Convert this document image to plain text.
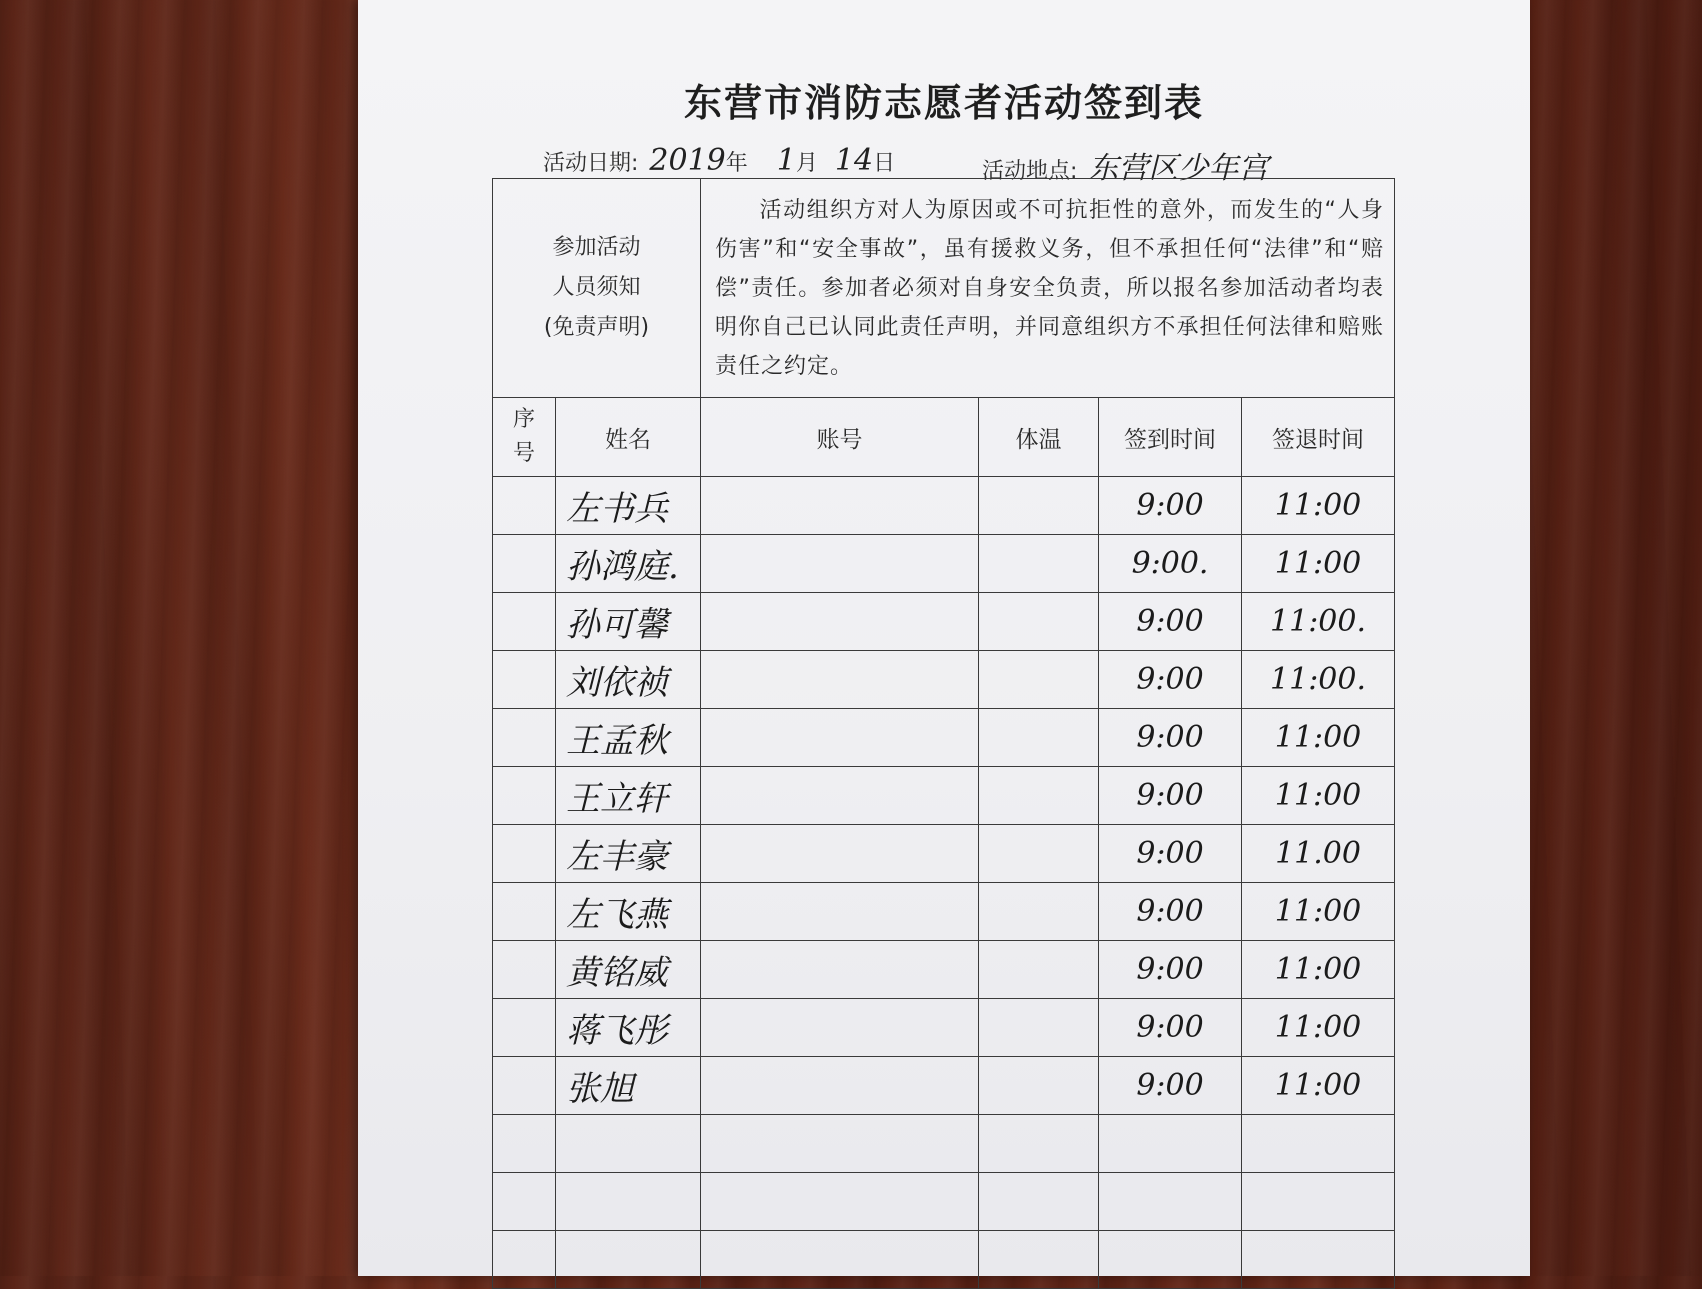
东营市消防志愿者活动签到表
活动日期: 2019年 1月 14日	活动地点: 东营区少年宫
参加活动
人员须知
(免责声明)		活动组织方对人为原因或不可抗拒性的意外，而发生的“人身伤害”和“安全事故”，虽有援救义务，但不承担任何“法律”和“赔偿”责任。参加者必须对自身安全负责，所以报名参加活动者均表明你自己已认同此责任声明，并同意组织方不承担任何法律和赔账责任之约定。			

序
号	姓名	账号	体温	签到时间	签退时间
	左书兵			9:00	11:00
	孙鸿庭.			9:00.	11:00
	孙可馨			9:00	11:00.
	刘依祯			9:00	11:00.
	王孟秋			9:00	11:00
	王立轩			9:00	11:00
	左丰豪			9:00	11.00
	左飞燕			9:00	11:00
	黄铭威			9:00	11:00
	蒋飞彤			9:00	11:00
	张旭			9:00	11:00
